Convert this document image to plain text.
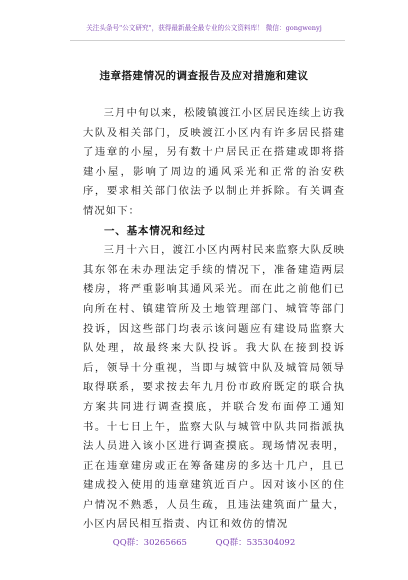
关注头条号"公文研究"，获得最新最全最专业的公文资料库！ 微信：gongwenyj
违章搭建情况的调查报告及应对措施和建议

三月中旬以来，松陵镇渡江小区居民连续上访我大队及相关部门，反映渡江小区内有许多居民搭建了违章的小屋，另有数十户居民正在搭建或即将搭建小屋，影响了周边的通风采光和正常的治安秩序，要求相关部门依法予以制止并拆除。有关调查情况如下：

一、基本情况和经过

三月十六日，渡江小区内两村民来监察大队反映其东邻在未办理法定手续的情况下，准备建造两层楼房，将严重影响其通风采光。而在此之前他们已向所在村、镇建管所及土地管理部门、城管等部门投诉，因这些部门均表示该问题应有建设局监察大队处理，故最终来大队投诉。我大队在接到投诉后，领导十分重视，当即与城管中队及城管局领导取得联系，要求按去年九月份市政府既定的联合执方案共同进行调查摸底，并联合发布面停工通知书。十七日上午，监察大队与城管中队共同指派执法人员进入该小区进行调查摸底。现场情况表明，正在违章建房或正在筹备建房的多达十几户，且已建成投入使用的违章建筑近百户。因对该小区的住户情况不熟悉，人员生疏，且违法建筑面广量大，小区内居民相互指责、内讧和效仿的情况

QQ群：30265665	QQ群：535304092
